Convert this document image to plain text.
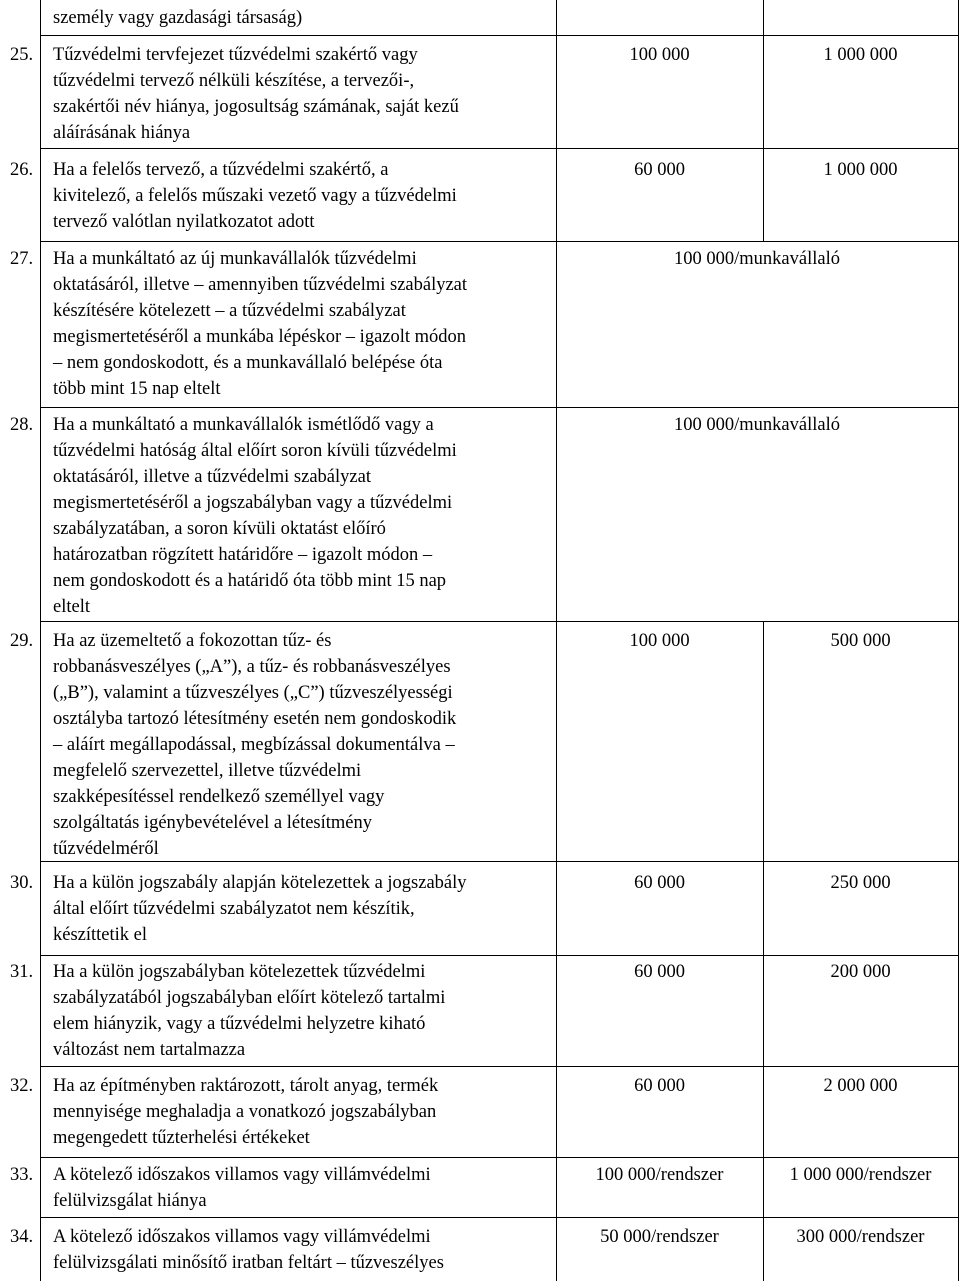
személy vagy gazdasági társaság)
25. Tűzvédelmi tervfejezet tűzvédelmi szakértő vagy
tűzvédelmi tervező nélküli készítése, a tervezői-,
szakértői név hiánya, jogosultság számának, saját kezű
aláírásának hiánya
100 000	1 000 000
26. Ha a felelős tervező, a tűzvédelmi szakértő, a
kivitelező, a felelős műszaki vezető vagy a tűzvédelmi
tervező valótlan nyilatkozatot adott
60 000	1 000 000
27. Ha a munkáltató az új munkavállalók tűzvédelmi
oktatásáról, illetve – amennyiben tűzvédelmi szabályzat
készítésére kötelezett – a tűzvédelmi szabályzat
megismertetéséről a munkába lépéskor – igazolt módon
– nem gondoskodott, és a munkavállaló belépése óta
több mint 15 nap eltelt
100 000/munkavállaló
28. Ha a munkáltató a munkavállalók ismétlődő vagy a
tűzvédelmi hatóság által előírt soron kívüli tűzvédelmi
oktatásáról, illetve a tűzvédelmi szabályzat
megismertetéséről a jogszabályban vagy a tűzvédelmi
szabályzatában, a soron kívüli oktatást előíró
határozatban rögzített határidőre – igazolt módon –
nem gondoskodott és a határidő óta több mint 15 nap
eltelt
100 000/munkavállaló
29. Ha az üzemeltető a fokozottan tűz- és
robbanásveszélyes („A”), a tűz- és robbanásveszélyes
(„B”), valamint a tűzveszélyes („C”) tűzveszélyességi
osztályba tartozó létesítmény esetén nem gondoskodik
– aláírt megállapodással, megbízással dokumentálva –
megfelelő szervezettel, illetve tűzvédelmi
szakképesítéssel rendelkező személlyel vagy
szolgáltatás igénybevételével a létesítmény
tűzvédelméről
100 000	500 000
30. Ha a külön jogszabály alapján kötelezettek a jogszabály
által előírt tűzvédelmi szabályzatot nem készítik,
készíttetik el
60 000	250 000
31. Ha a külön jogszabályban kötelezettek tűzvédelmi
szabályzatából jogszabályban előírt kötelező tartalmi
elem hiányzik, vagy a tűzvédelmi helyzetre kiható
változást nem tartalmazza
60 000	200 000
32. Ha az építményben raktározott, tárolt anyag, termék
mennyisége meghaladja a vonatkozó jogszabályban
megengedett tűzterhelési értékeket
60 000	2 000 000
33. A kötelező időszakos villamos vagy villámvédelmi
felülvizsgálat hiánya
100 000/rendszer	1 000 000/rendszer
34. A kötelező időszakos villamos vagy villámvédelmi
felülvizsgálati minősítő iratban feltárt – tűzveszélyes
50 000/rendszer	300 000/rendszer
